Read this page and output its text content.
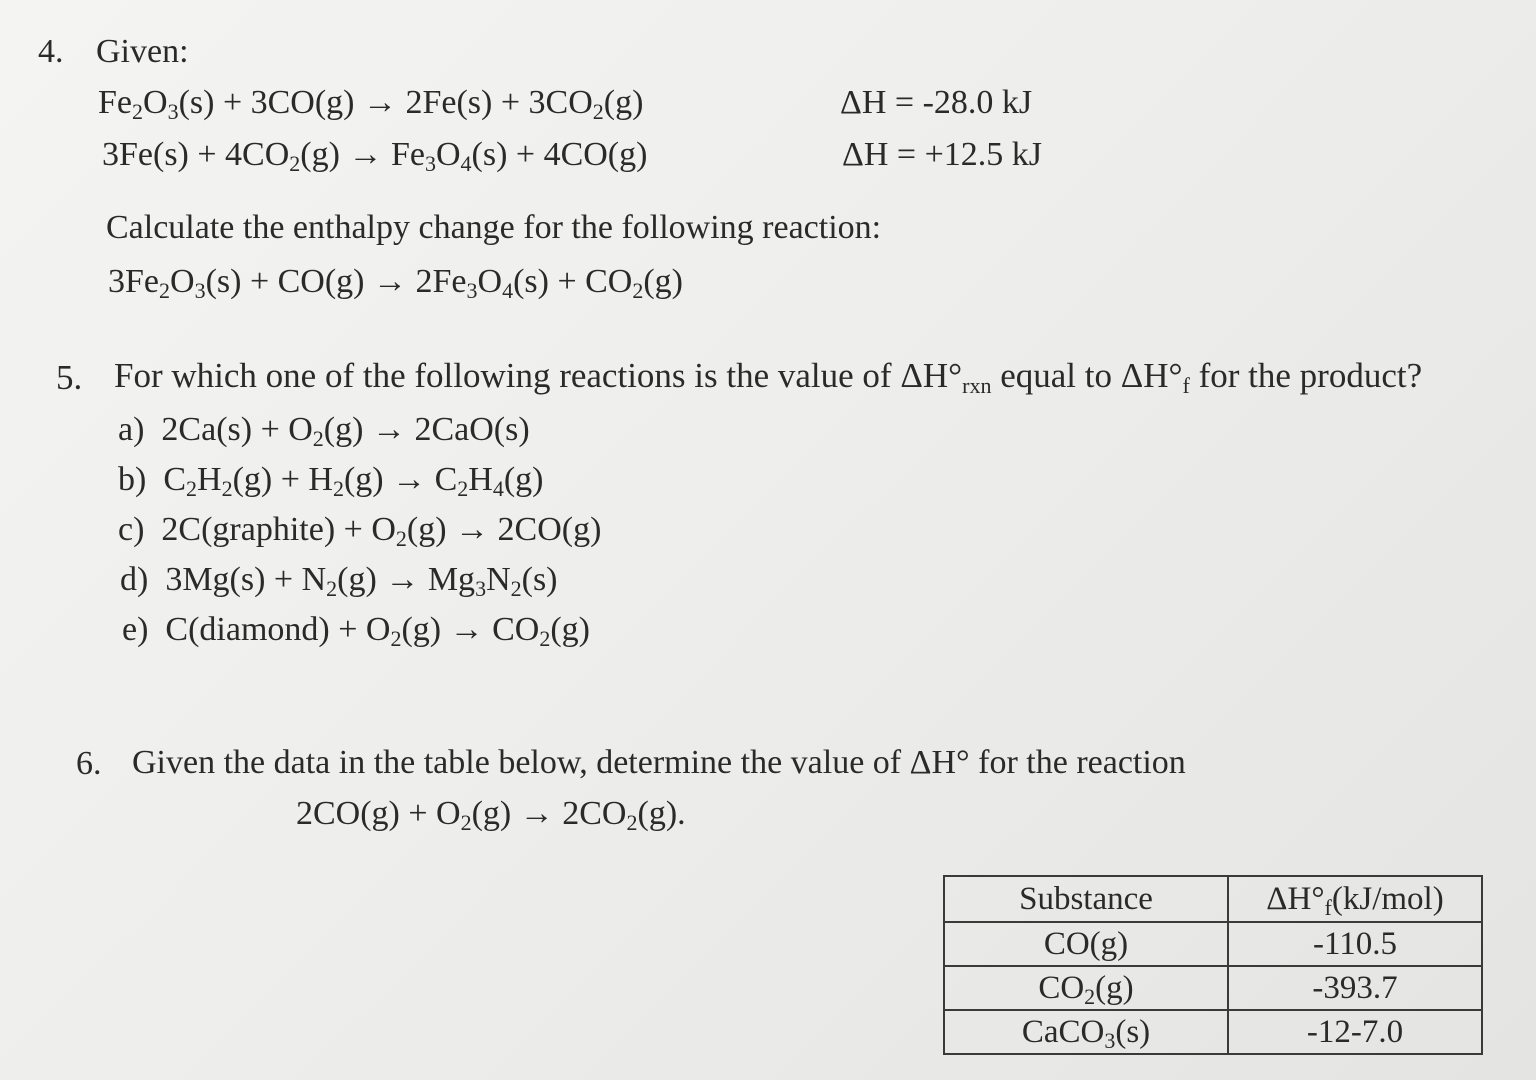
4. Given:
$Fe_2O_3(s) + 3CO(g) \to 2Fe(s) + 3CO_2(g)$	ΔH = -28.0 kJ
$3Fe(s) + 4CO_2(g) \to Fe_3O_4(s) + 4CO(g)$	ΔH = +12.5 kJ
Calculate the enthalpy change for the following reaction:
$3Fe_2O_3(s) + CO(g) \to 2Fe_3O_4(s) + CO_2(g)$
5. For which one of the following reactions is the value of $\Delta H^\circ_{rxn}$ equal to $\Delta H^\circ_f$ for the product?
a) $2Ca(s) + O_2(g) \to 2CaO(s)$
b) $C_2H_2(g) + H_2(g) \to C_2H_4(g)$
c) 2C(graphite) + $O_2(g) \to 2CO(g)$
d) $3Mg(s) + N_2(g) \to Mg_3N_2(s)$
e) C(diamond) + $O_2(g) \to CO_2(g)$
6. Given the data in the table below, determine the value of ΔH° for the reaction
$2CO(g) + O_2(g) \to 2CO_2(g)$.
Substance	$\Delta H^\circ_f(kJ/mol)$
CO(g)	-110.5
$CO_2(g)$	-393.7
CaCO$_3$(s)	-12-7.0
